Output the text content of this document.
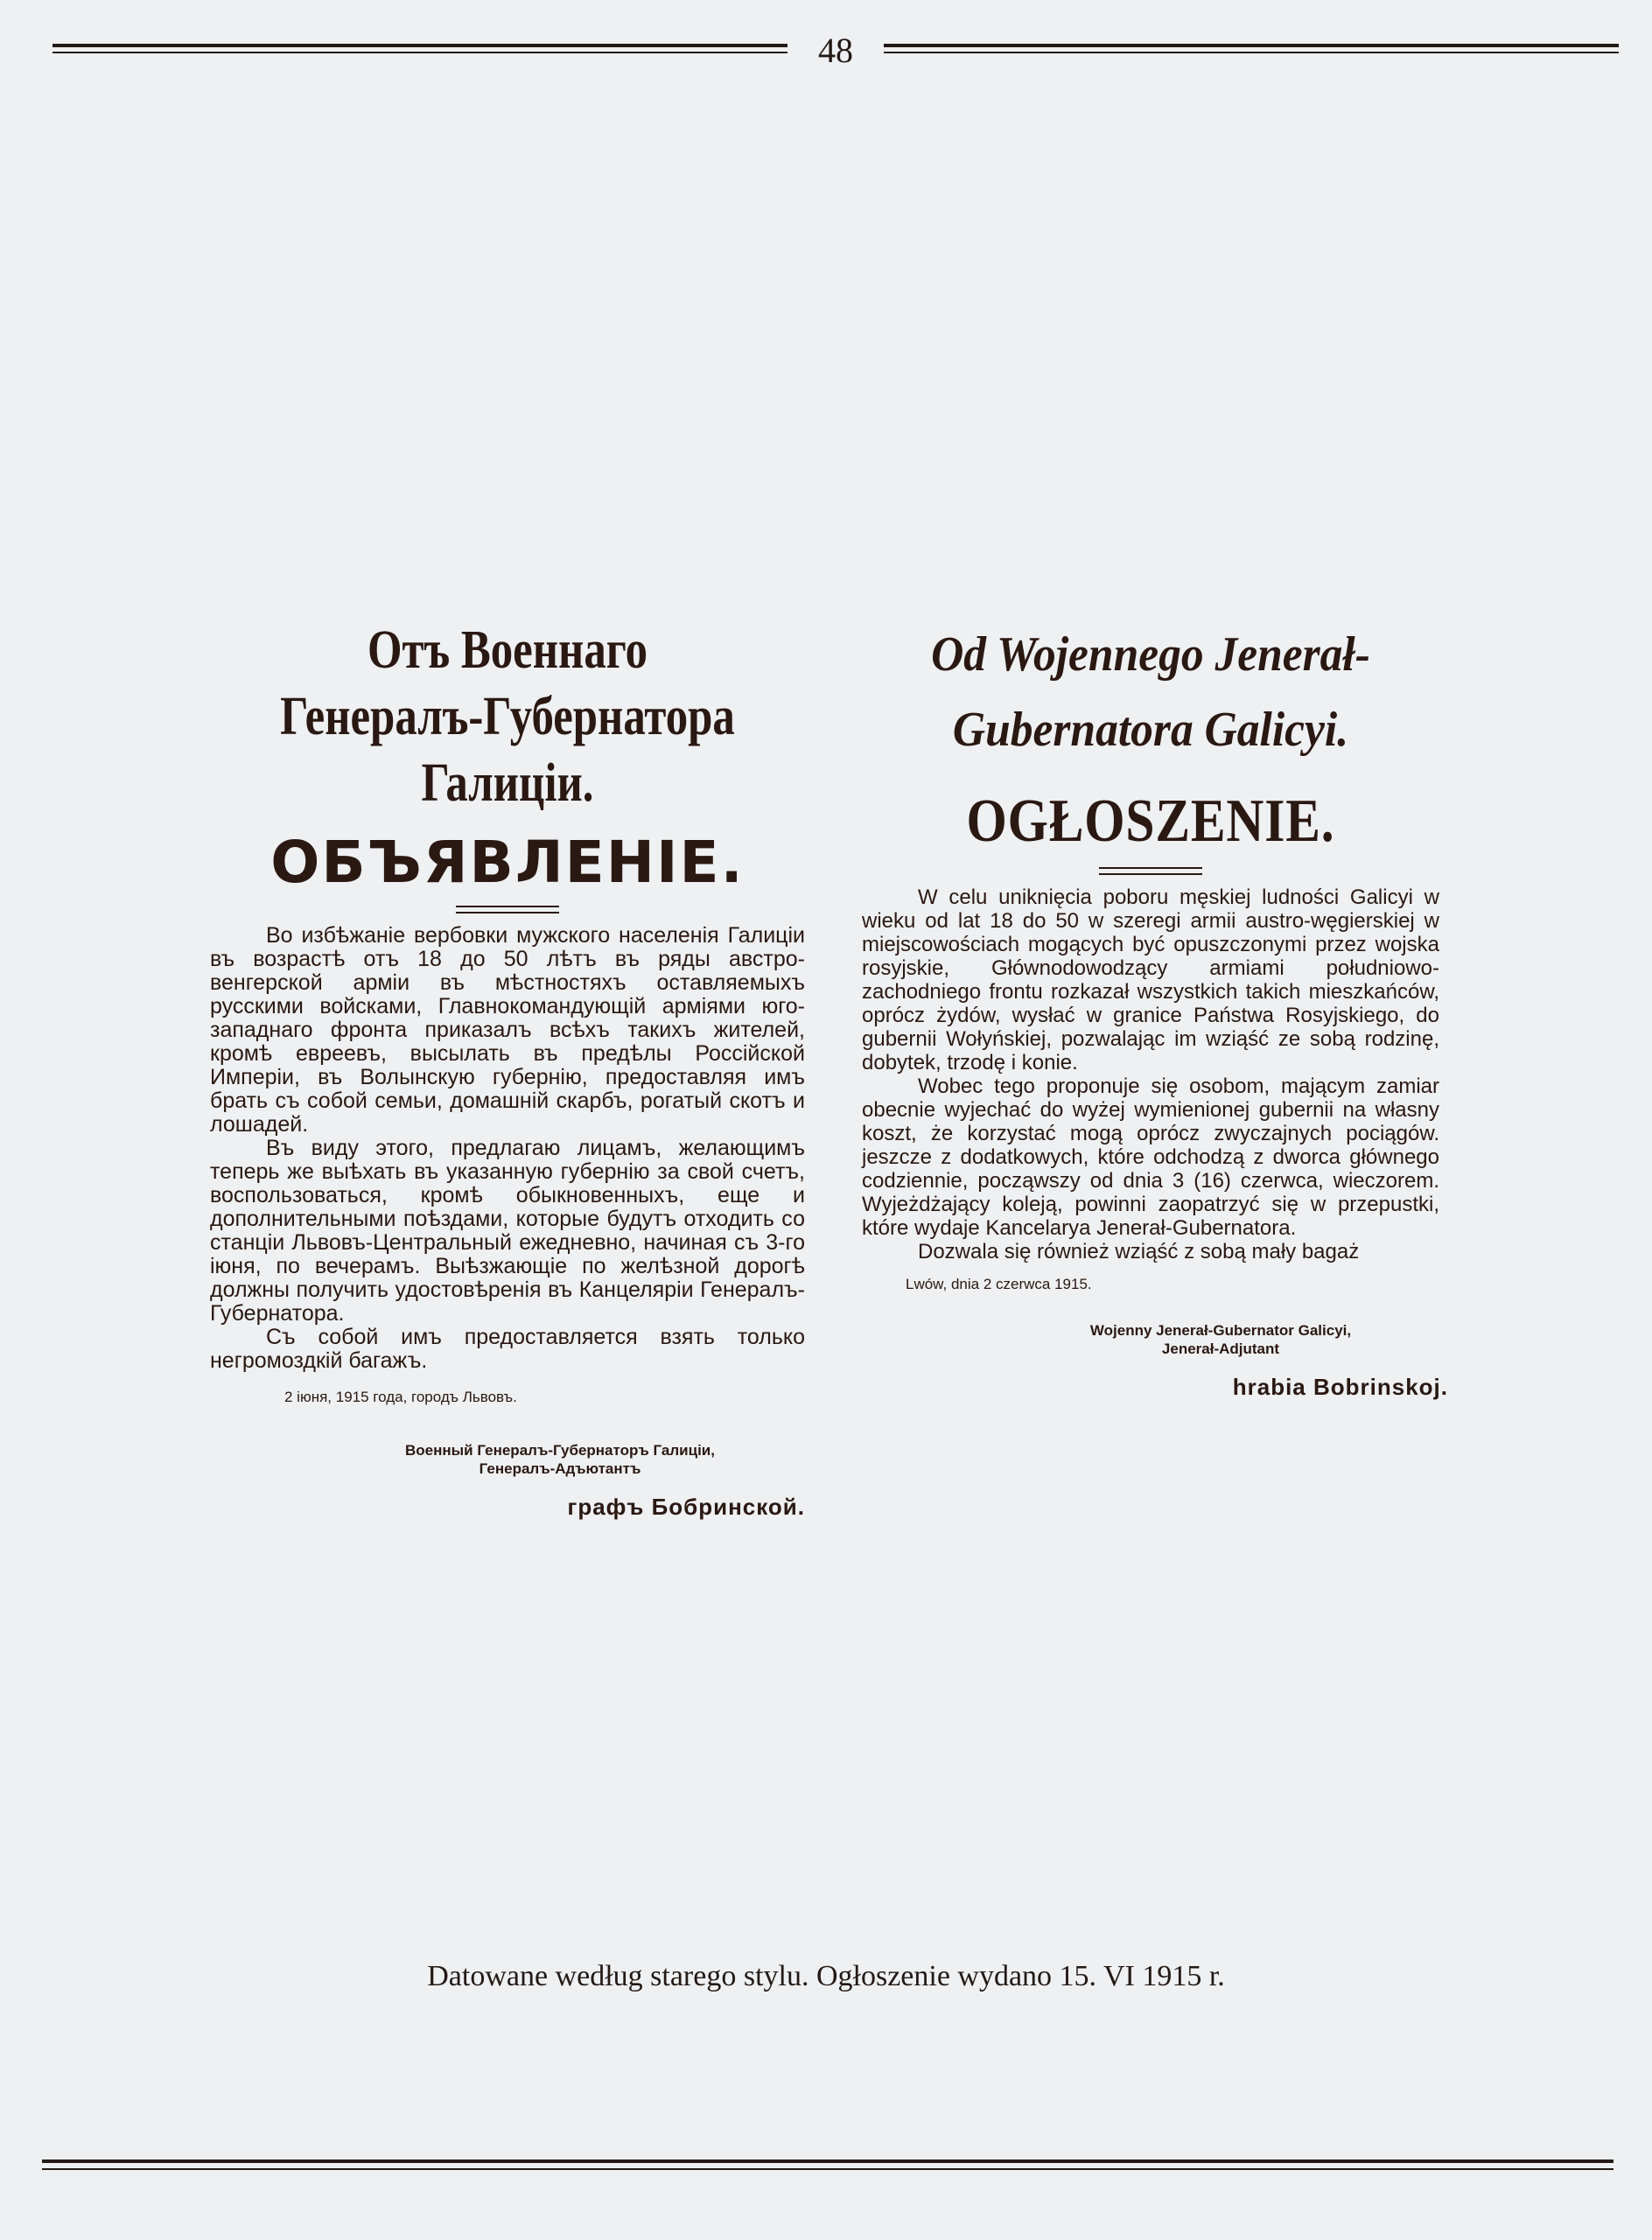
48
Отъ Военнаго Генералъ-Губернатора Галиціи.
ОБЪЯВЛЕНІЕ.

Во избѣжаніе вербовки мужского населенія Галиціи въ возрастѣ отъ 18 до 50 лѣтъ въ ряды австро-венгерской арміи въ мѣстностяхъ оставляемыхъ русскими войсками, Главнокомандующій арміями юго-западнаго фронта приказалъ всѣхъ такихъ жителей, кромѣ евреевъ, высылать въ предѣлы Россійской Имперіи, въ Волынскую губернію, предоставляя имъ брать съ собой семьи, домашній скарбъ, рогатый скотъ и лошадей.

Въ виду этого, предлагаю лицамъ, желающимъ теперь же выѣхать въ указанную губернію за свой счетъ, воспользоваться, кромѣ обыкновенныхъ, еще и дополнительными поѣздами, которые будутъ отходить со станціи Львовъ-Центральный ежедневно, начиная съ 3-го іюня, по вечерамъ. Выѣзжающіе по желѣзной дорогѣ должны получить удостовѣренія въ Канцеляріи Генералъ-Губернатора.

Съ собой имъ предоставляется взять только негромоздкій багажъ.

2 іюня, 1915 года, городъ Львовъ.
Военный Генералъ-Губернаторъ Галиціи,
Генералъ-Адъютантъ
графъ Бобринской.
Od Wojennego Jenerał-Gubernatora Galicyi.
OGŁOSZENIE.

W celu uniknięcia poboru męskiej ludności Galicyi w wieku od lat 18 do 50 w szeregi armii austro-węgierskiej w miejscowościach mogących być opuszczonymi przez wojska rosyjskie, Głównodowodzący armiami południowo-zachodniego frontu rozkazał wszystkich takich mieszkańców, oprócz żydów, wysłać w granice Państwa Rosyjskiego, do gubernii Wołyńskiej, pozwalając im wziąść ze sobą rodzinę, dobytek, trzodę i konie.

Wobec tego proponuje się osobom, mającym zamiar obecnie wyjechać do wyżej wymienionej gubernii na własny koszt, że korzystać mogą oprócz zwyczajnych pociągów. jeszcze z dodatkowych, które odchodzą z dworca głównego codziennie, począwszy od dnia 3 (16) czerwca, wieczorem. Wyjeżdżający koleją, powinni zaopatrzyć się w przepustki, które wydaje Kancelarya Jenerał-Gubernatora.

Dozwala się również wziąść z sobą mały bagaż

Lwów, dnia 2 czerwca 1915.
Wojenny Jenerał-Gubernator Galicyi,
Jenerał-Adjutant
hrabia Bobrinskoj.
Datowane według starego stylu. Ogłoszenie wydano 15. VI 1915 r.
